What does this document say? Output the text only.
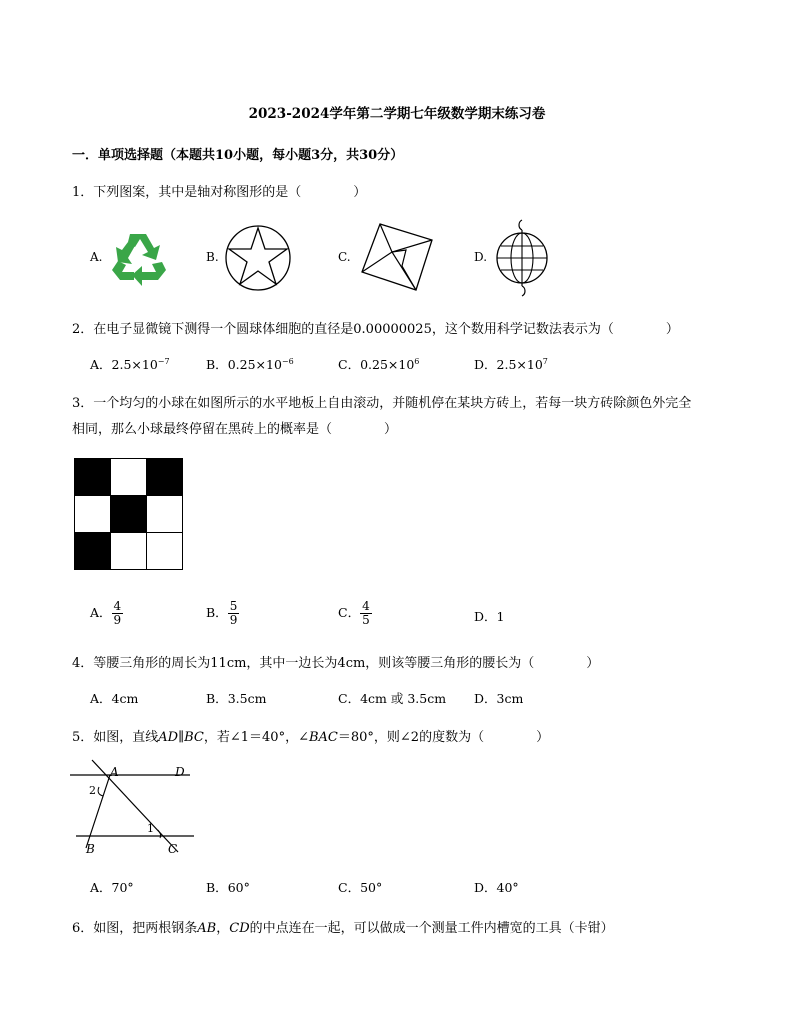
2023-2024学年第二学期七年级数学期末练习卷
一．单项选择题（本题共10小题，每小题3分，共30分）
1．下列图案，其中是轴对称图形的是（　　　　）
A.	B.	C.	D.
2．在电子显微镜下测得一个圆球体细胞的直径是0.00000025，这个数用科学记数法表示为（　　　　）
A．$2.5\times 10^{-7}$	B．$0.25\times 10^{-6}$	C．$0.25\times 10^6$	D．$2.5\times 10^7$
3．一个均匀的小球在如图所示的水平地板上自由滚动，并随机停在某块方砖上，若每一块方砖除颜色外完全
相同，那么小球最终停留在黑砖上的概率是（　　　　）
A． $\frac{4}{9}$	B． $\frac{5}{9}$	C． $\frac{4}{5}$	D．1
4．等腰三角形的周长为11cm，其中一边长为4cm，则该等腰三角形的腰长为（　　　　）
A．4cm	B．3.5cm	C．4cm 或 3.5cm D．3cm
5．如图，直线AD∥BC，若∠1＝40°，∠BAC＝80°，则∠2的度数为（　　　　）
A	D
B	C
2
1
A．70°	B．60°	C．50°	D．40°
6．如图，把两根钢条AB，CD的中点连在一起，可以做成一个测量工件内槽宽的工具（卡钳）
